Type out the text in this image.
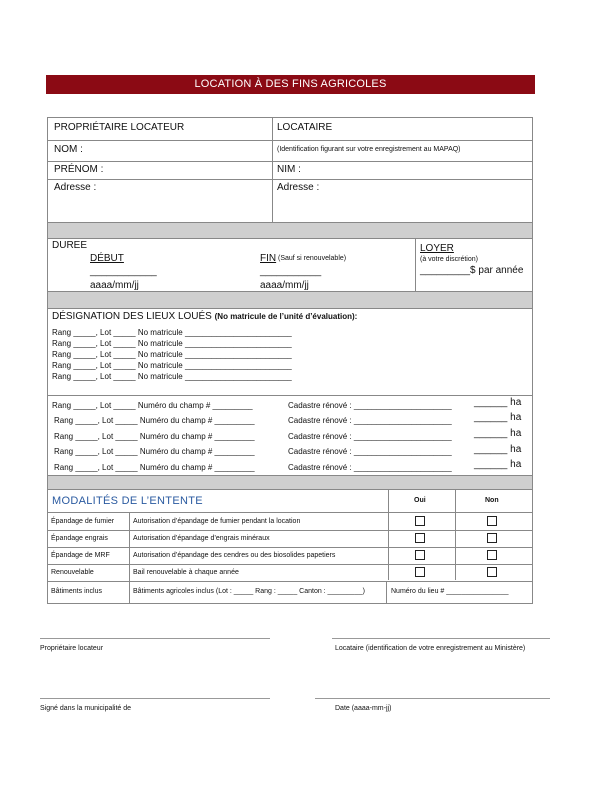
LOCATION À DES FINS AGRICOLES
PROPRIÉTAIRE LOCATEUR	LOCATAIRE
NOM :	(Identification figurant sur votre enregistrement au MAPAQ)
PRÉNOM :	NIM :
Adresse :	Adresse :
DUREE
DÉBUT
____________
aaaa/mm/jj
FIN (Sauf si renouvelable)
___________
aaaa/mm/jj
LOYER
(à votre discrétion)
_________$ par année
DÉSIGNATION DES LIEUX LOUÉS (No matricule de l’unité d’évaluation):
Rang _____, Lot _____ No matricule ________________________
Rang _____, Lot _____ No matricule ________________________
Rang _____, Lot _____ No matricule ________________________
Rang _____, Lot _____ No matricule ________________________
Rang _____, Lot _____ No matricule ________________________
Rang _____, Lot _____ Numéro du champ # _________	Cadastre rénové : ______________________ ______ ha
Rang _____, Lot _____ Numéro du champ # _________	Cadastre rénové : ______________________ ______ ha
Rang _____, Lot _____ Numéro du champ # _________	Cadastre rénové : ______________________ ______ ha
Rang _____, Lot _____ Numéro du champ # _________	Cadastre rénové : ______________________ ______ ha
Rang _____, Lot _____ Numéro du champ # _________	Cadastre rénové : ______________________ ______ ha
MODALITÉS DE L’ENTENTE	Oui	Non
Épandage de fumier	Autorisation d’épandage de fumier pendant la location
Épandage engrais	Autorisation d’épandage d’engrais minéraux
Épandage de MRF	Autorisation d’épandage des cendres ou des biosolides papetiers
Renouvelable	Bail renouvelable à chaque année
Bâtiments inclus	Bâtiments agricoles inclus (Lot : _____ Rang : _____ Canton : _________)	Numéro du lieu # ________________
Propriétaire locateur	Locataire (identification de votre enregistrement au Ministère)
Signé dans la municipalité de	Date (aaaa-mm-jj)
